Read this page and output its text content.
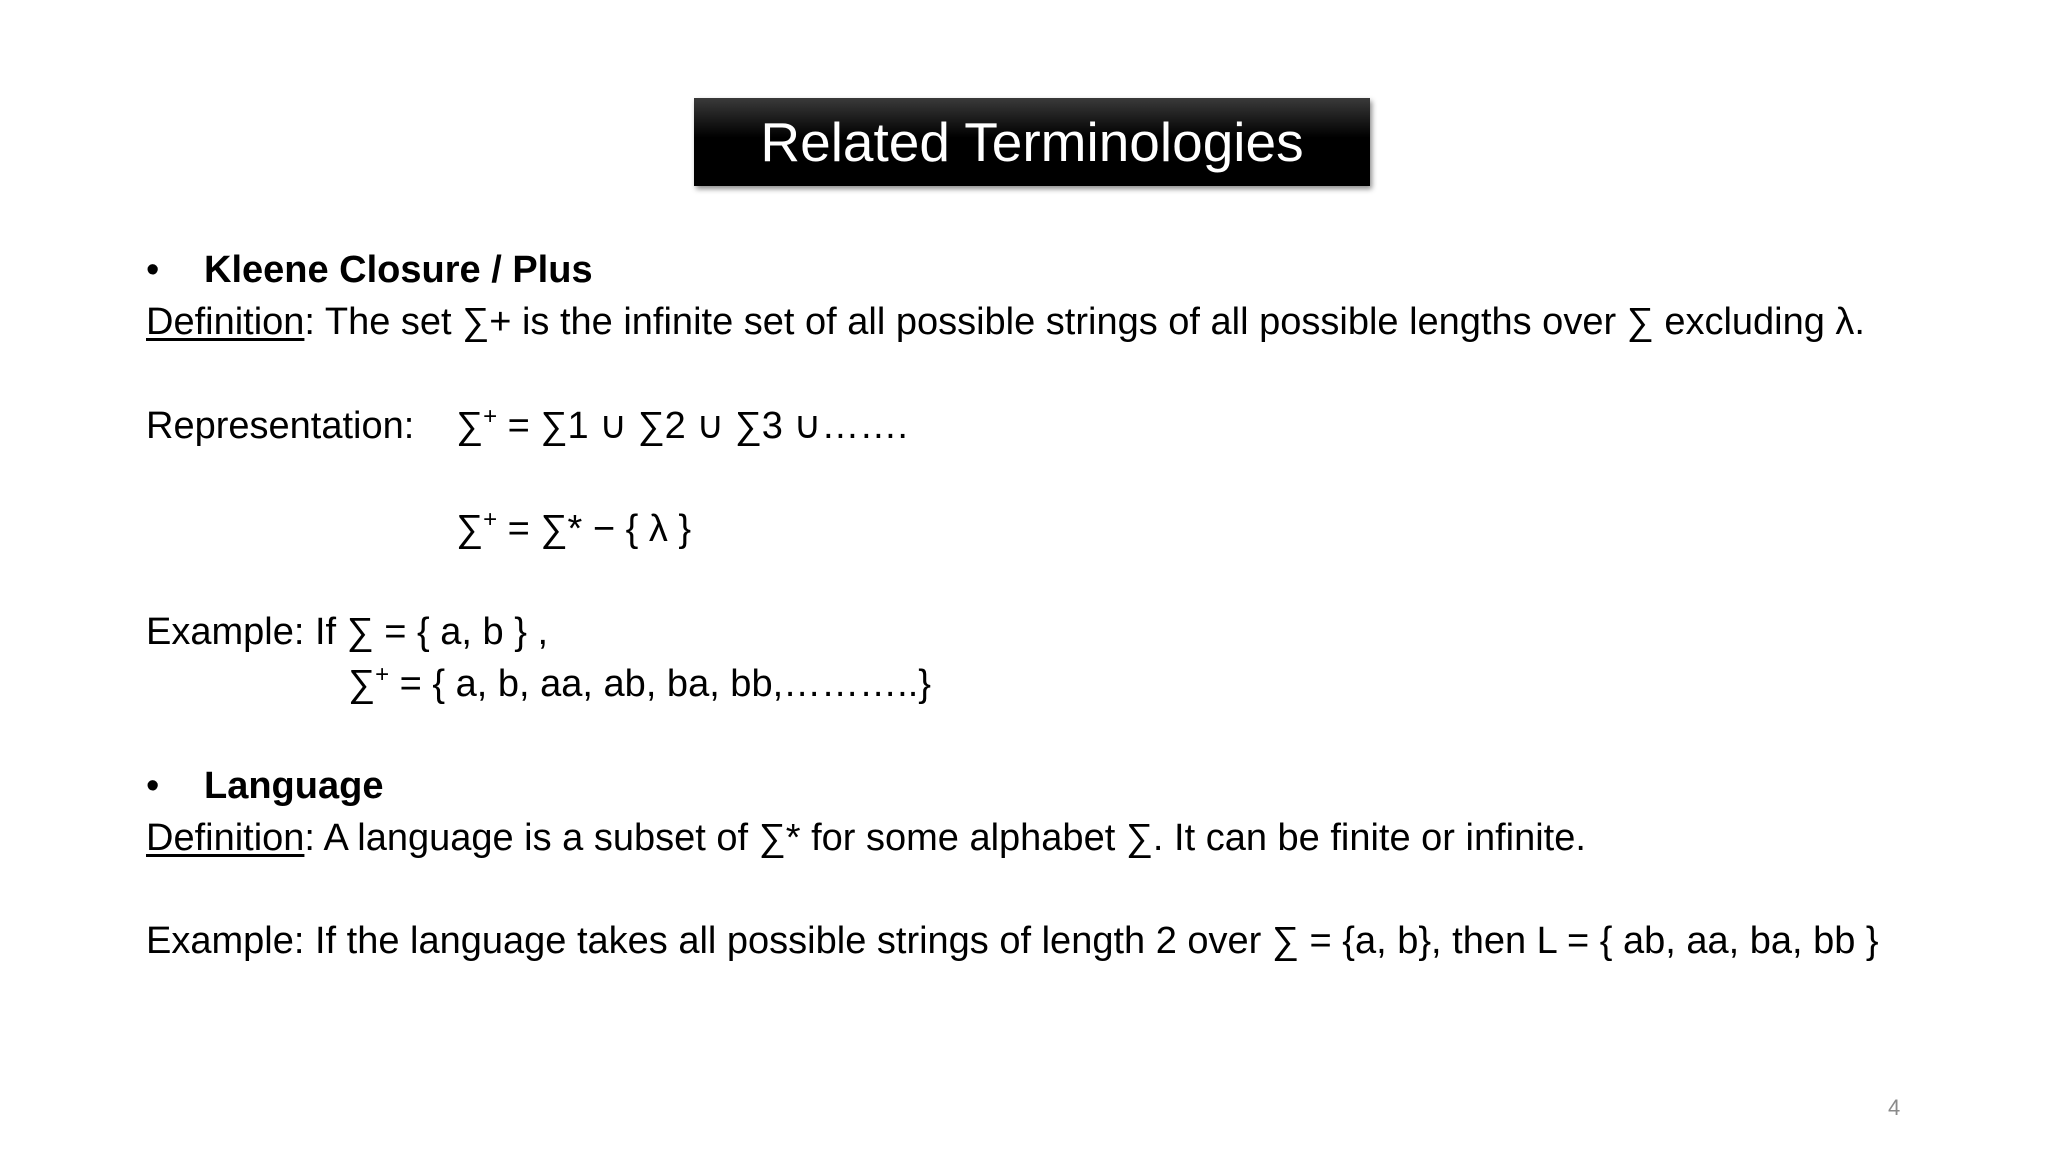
Related Terminologies
•	Kleene Closure / Plus
Definition: The set ∑+ is the infinite set of all possible strings of all possible lengths over ∑ excluding λ.
Representation: ∑+ = ∑1 ∪ ∑2 ∪ ∑3 ∪…….
∑+ = ∑* − { λ }
Example: If ∑ = { a, b } ,
∑+ = { a, b, aa, ab, ba, bb,………..}
•	Language
Definition: A language is a subset of ∑* for some alphabet ∑. It can be finite or infinite.
Example: If the language takes all possible strings of length 2 over ∑ = {a, b}, then L = { ab, aa, ba, bb }
4
